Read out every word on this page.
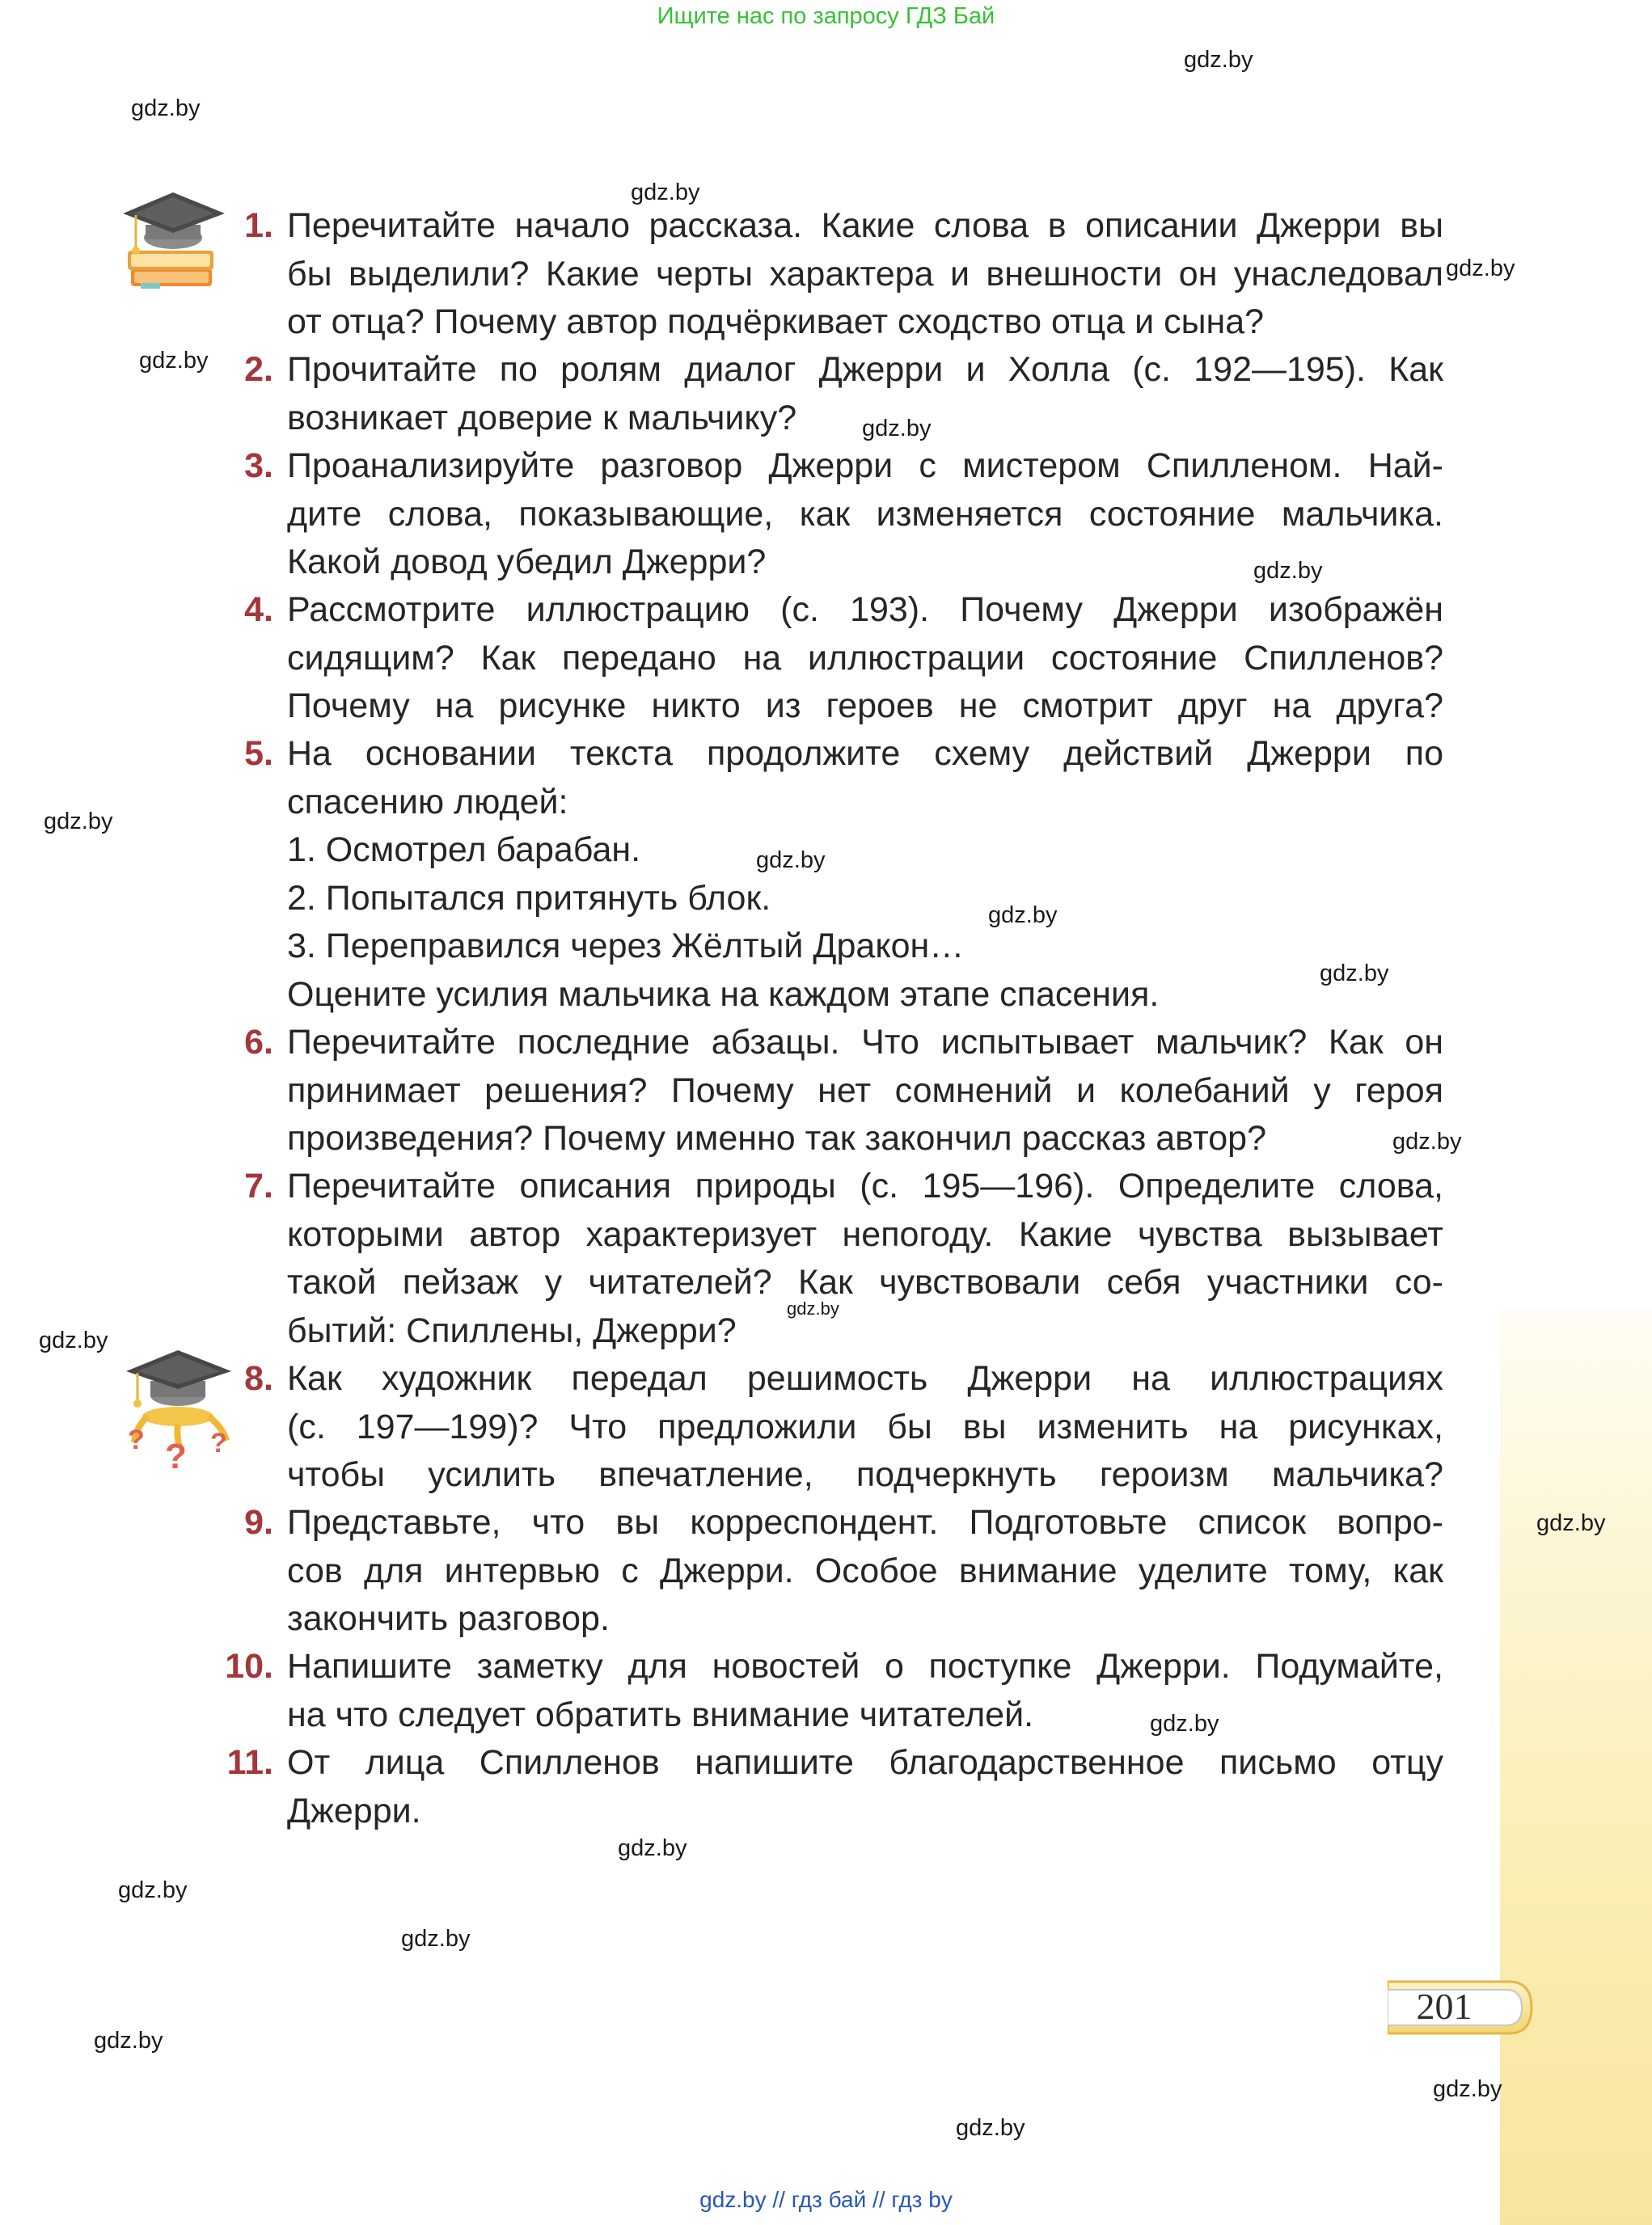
Ищите нас по запросу ГДЗ Бай
gdz.by
gdz.by
gdz.by
gdz.by
gdz.by
gdz.by
gdz.by
gdz.by
gdz.by
gdz.by
gdz.by
gdz.by
gdz.by
gdz.by
gdz.by
gdz.by
gdz.by
gdz.by
gdz.by
gdz.by
gdz.by
gdz.by
? ? ?
1. Перечитайте начало рассказа. Какие слова в описании Джерри вы
бы выделили? Какие черты характера и внешности он унаследовал
от отца? Почему автор подчёркивает сходство отца и сына?
2. Прочитайте по ролям диалог Джерри и Холла (с. 192—195). Как
возникает доверие к мальчику?
3. Проанализируйте разговор Джерри с мистером Спилленом. Най-
дите слова, показывающие, как изменяется состояние мальчика.
Какой довод убедил Джерри?
4. Рассмотрите иллюстрацию (с. 193). Почему Джерри изображён
сидящим? Как передано на иллюстрации состояние Спилленов?
Почему на рисунке никто из героев не смотрит друг на друга?
5. На основании текста продолжите схему действий Джерри по
спасению людей:
1. Осмотрел барабан.
2. Попытался притянуть блок.
3. Переправился через Жёлтый Дракон…
Оцените усилия мальчика на каждом этапе спасения.
6. Перечитайте последние абзацы. Что испытывает мальчик? Как он
принимает решения? Почему нет сомнений и колебаний у героя
произведения? Почему именно так закончил рассказ автор?
7. Перечитайте описания природы (с. 195—196). Определите слова,
которыми автор характеризует непогоду. Какие чувства вызывает
такой пейзаж у читателей? Как чувствовали себя участники со-
бытий: Спиллены, Джерри?
8. Как художник передал решимость Джерри на иллюстрациях
(с. 197—199)? Что предложили бы вы изменить на рисунках,
чтобы усилить впечатление, подчеркнуть героизм мальчика?
9. Представьте, что вы корреспондент. Подготовьте список вопро-
сов для интервью с Джерри. Особое внимание уделите тому, как
закончить разговор.
10. Напишите заметку для новостей о поступке Джерри. Подумайте,
на что следует обратить внимание читателей.
11. От лица Спилленов напишите благодарственное письмо отцу
Джерри.
201
gdz.by // гдз бай // гдз by
